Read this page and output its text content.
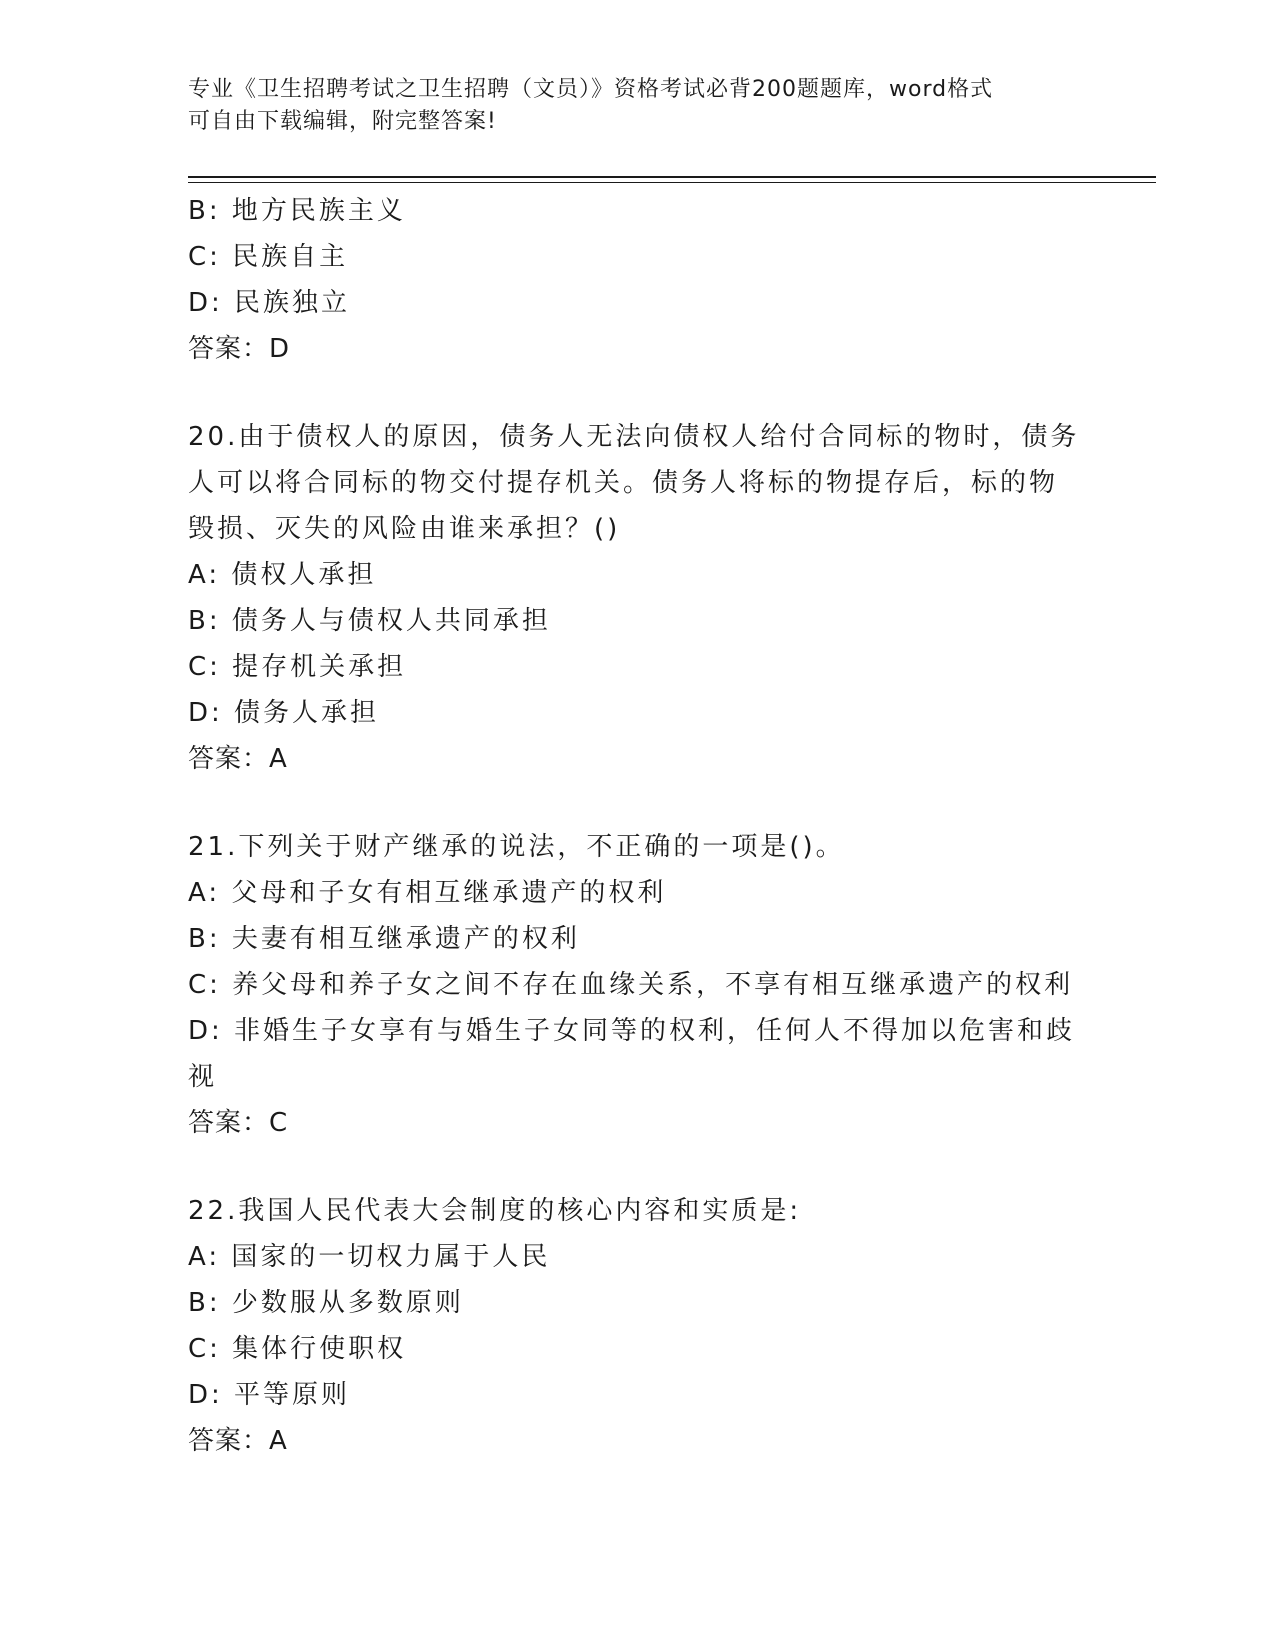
专业《卫生招聘考试之卫生招聘（文员）》资格考试必背200题题库，word格式
可自由下载编辑，附完整答案!
B: 地方民族主义
C: 民族自主
D: 民族独立
答案：D
20.由于债权人的原因，债务人无法向债权人给付合同标的物时，债务
人可以将合同标的物交付提存机关。债务人将标的物提存后，标的物
毁损、灭失的风险由谁来承担？()
A: 债权人承担
B: 债务人与债权人共同承担
C: 提存机关承担
D: 债务人承担
答案：A
21.下列关于财产继承的说法，不正确的一项是()。
A: 父母和子女有相互继承遗产的权利
B: 夫妻有相互继承遗产的权利
C: 养父母和养子女之间不存在血缘关系，不享有相互继承遗产的权利
D: 非婚生子女享有与婚生子女同等的权利，任何人不得加以危害和歧
视
答案：C
22.我国人民代表大会制度的核心内容和实质是:
A: 国家的一切权力属于人民
B: 少数服从多数原则
C: 集体行使职权
D: 平等原则
答案：A
